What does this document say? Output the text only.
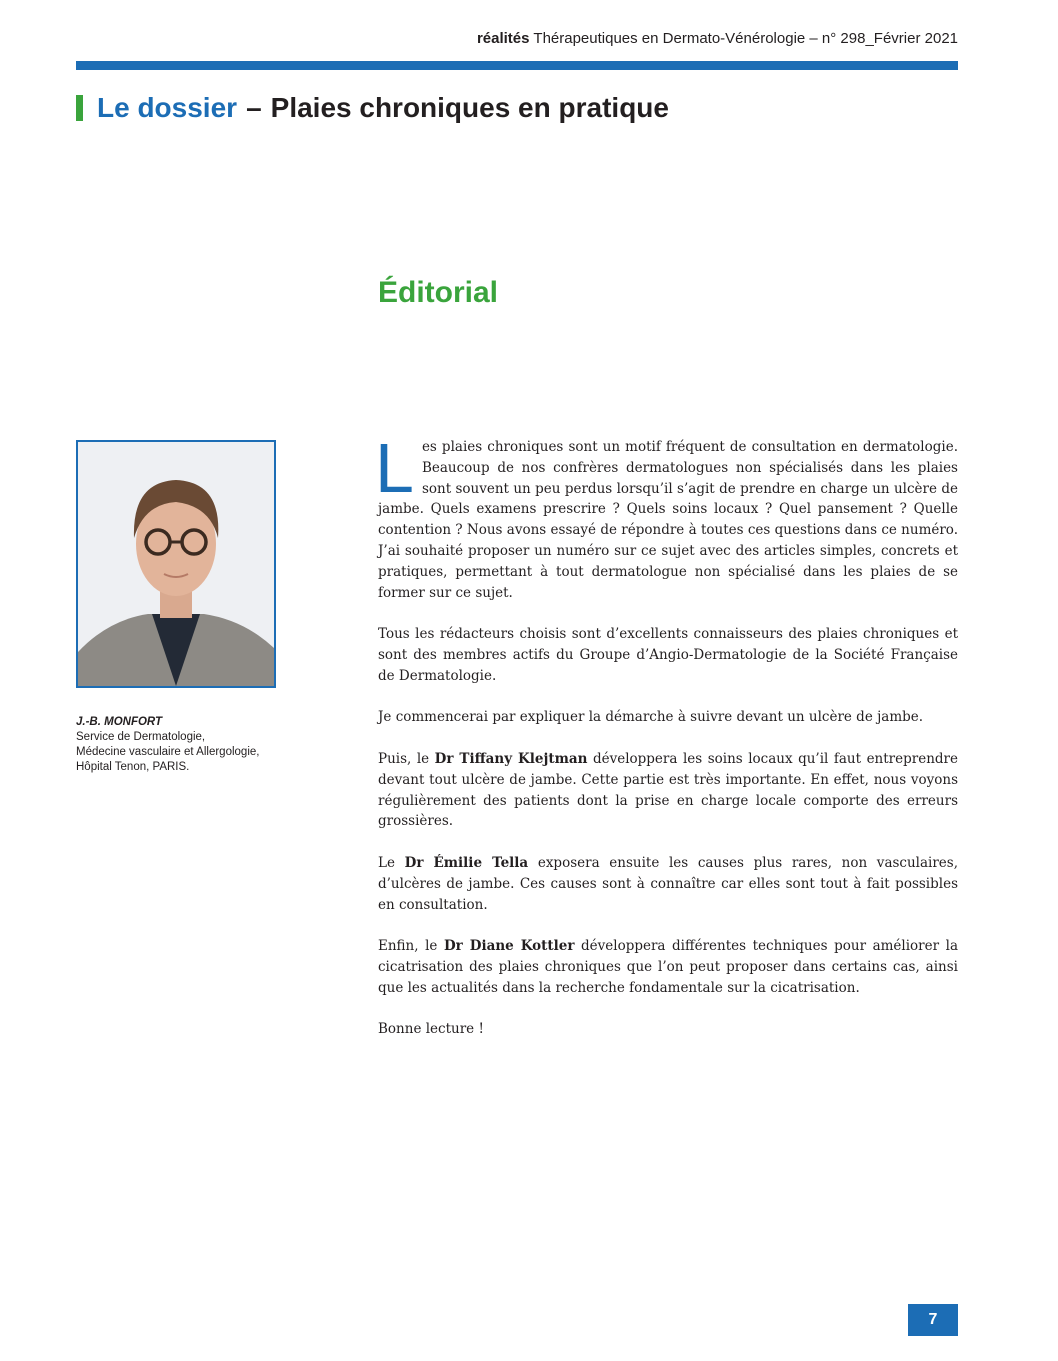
réalités Thérapeutiques en Dermato-Vénérologie – n° 298_Février 2021
Le dossier – Plaies chroniques en pratique
Éditorial
J.-B. MONFORT
Service de Dermatologie,
Médecine vasculaire et Allergologie,
Hôpital Tenon, PARIS.

Les plaies chroniques sont un motif fréquent de consultation en dermatologie. Beaucoup de nos confrères dermatologues non spécialisés dans les plaies sont souvent un peu perdus lorsqu’il s’agit de prendre en charge un ulcère de jambe. Quels examens prescrire ? Quels soins locaux ? Quel pansement ? Quelle contention ? Nous avons essayé de répondre à toutes ces questions dans ce numéro. J’ai souhaité proposer un numéro sur ce sujet avec des articles simples, concrets et pratiques, permettant à tout dermatologue non spécialisé dans les plaies de se former sur ce sujet.

Tous les rédacteurs choisis sont d’excellents connaisseurs des plaies chroniques et sont des membres actifs du Groupe d’Angio-Dermatologie de la Société Française de Dermatologie.

Je commencerai par expliquer la démarche à suivre devant un ulcère de jambe.

Puis, le Dr Tiffany Klejtman développera les soins locaux qu’il faut entreprendre devant tout ulcère de jambe. Cette partie est très importante. En effet, nous voyons régulièrement des patients dont la prise en charge locale comporte des erreurs grossières.

Le Dr Émilie Tella exposera ensuite les causes plus rares, non vasculaires, d’ulcères de jambe. Ces causes sont à connaître car elles sont tout à fait possibles en consultation.

Enfin, le Dr Diane Kottler développera différentes techniques pour améliorer la cicatrisation des plaies chroniques que l’on peut proposer dans certains cas, ainsi que les actualités dans la recherche fondamentale sur la cicatrisation.

Bonne lecture !

7
